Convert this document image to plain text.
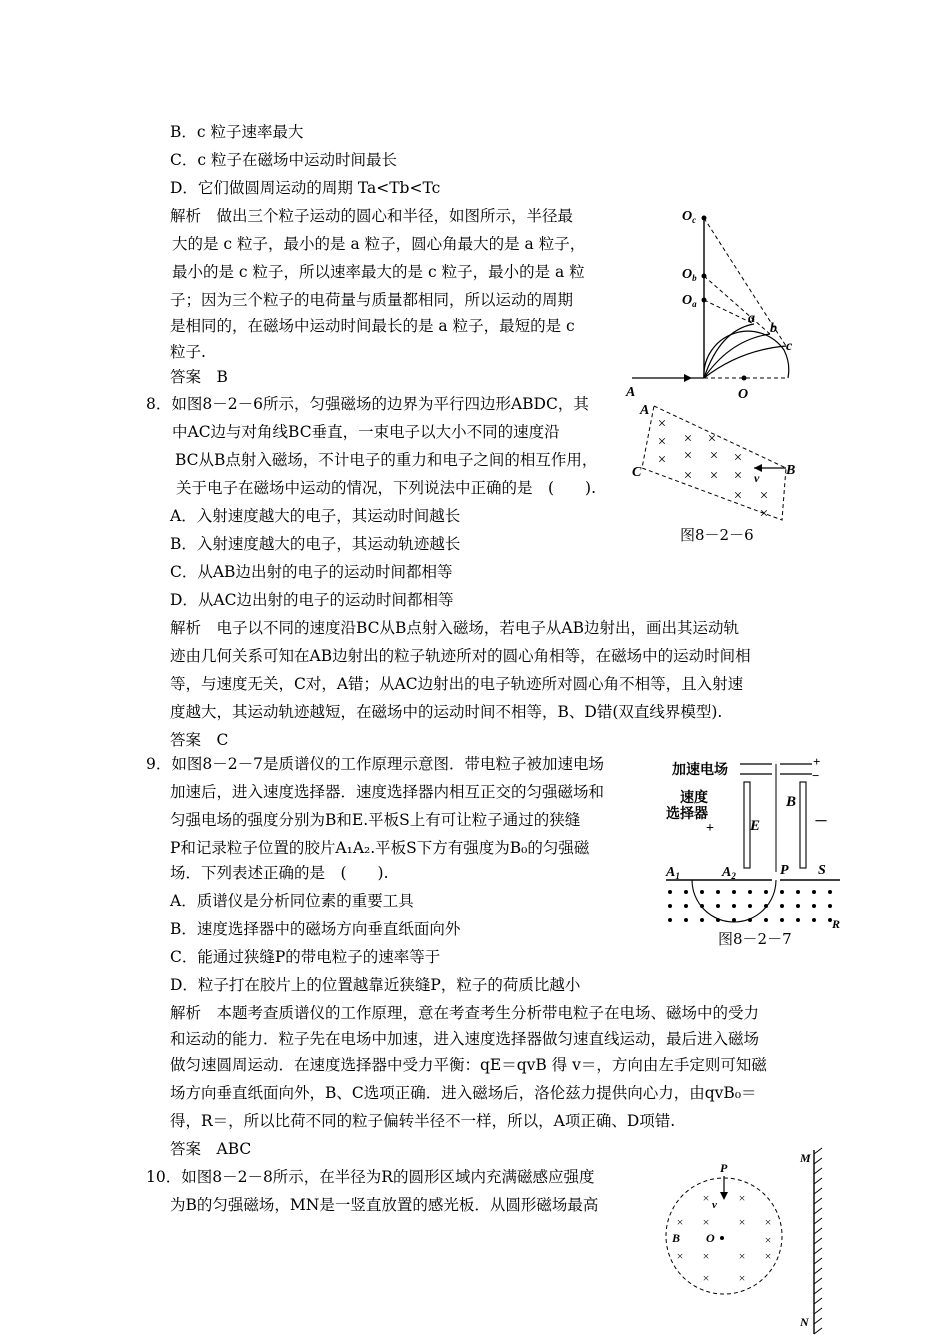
B．c 粒子速率最大
C．c 粒子在磁场中运动时间最长
D．它们做圆周运动的周期 Ta<Tb<Tc
解析　做出三个粒子运动的圆心和半径，如图所示，半径最
大的是 c 粒子，最小的是 a 粒子，圆心角最大的是 a 粒子，
最小的是 c 粒子，所以速率最大的是 c 粒子，最小的是 a 粒
子；因为三个粒子的电荷量与质量都相同，所以运动的周期
是相同的，在磁场中运动时间最长的是 a 粒子，最短的是 c
粒子.
答案　B
$O_c$
$O_b$
$O_a$
a
b
c
A	O
8．如图8－2－6所示，匀强磁场的边界为平行四边形ABDC，其
中AC边与对角线BC垂直，一束电子以大小不同的速度沿
BC从B点射入磁场，不计电子的重力和电子之间的相互作用，
关于电子在磁场中运动的情况，下列说法中正确的是　(　　).
A．入射速度越大的电子，其运动时间越长
B．入射速度越大的电子，其运动轨迹越长
C．从AB边出射的电子的运动时间都相等
D．从AC边出射的电子的运动时间都相等
解析　电子以不同的速度沿BC从B点射入磁场，若电子从AB边射出，画出其运动轨
迹由几何关系可知在AB边射出的粒子轨迹所对的圆心角相等，在磁场中的运动时间相
等，与速度无关，C对，A错；从AC边射出的电子轨迹所对圆心角不相等，且入射速
度越大，其运动轨迹越短，在磁场中的运动时间不相等，B、D错(双直线界模型).
答案　C
×
× ×
×
× × ×
×
× × ×
× ×
×
A
C	B
v
图8－2－6
9．如图8－2－7是质谱仪的工作原理示意图．带电粒子被加速电场
加速后，进入速度选择器．速度选择器内相互正交的匀强磁场和
匀强电场的强度分别为B和E.平板S上有可让粒子通过的狭缝
P和记录粒子位置的胶片A₁A₂.平板S下方有强度为B₀的匀强磁
场．下列表述正确的是　(　　).
A．质谱仪是分析同位素的重要工具
B．速度选择器中的磁场方向垂直纸面向外
C．能通过狭缝P的带电粒子的速率等于
D．粒子打在胶片上的位置越靠近狭缝P，粒子的荷质比越小
解析　本题考查质谱仪的工作原理，意在考查考生分析带电粒子在电场、磁场中的受力
和运动的能力．粒子先在电场中加速，进入速度选择器做匀速直线运动，最后进入磁场
做匀速圆周运动．在速度选择器中受力平衡：qE＝qvB 得 v＝，方向由左手定则可知磁
场方向垂直纸面向外，B、C选项正确．进入磁场后，洛伦兹力提供向心力，由qvB₀＝
得，R＝，所以比荷不同的粒子偏转半径不一样，所以，A项正确、D项错.
答案　ABC
加速电场
+
−
速度
选择器
+ E
B
－
$A_1$	$A_2$	P S
R
图8－2－7
10．如图8－2－8所示，在半径为R的圆形区域内充满磁感应强度
为B的匀强磁场，MN是一竖直放置的感光板．从圆形磁场最高
P
v
× ×
× × × ×
×
× × × ×
× ×
B O
M
N
